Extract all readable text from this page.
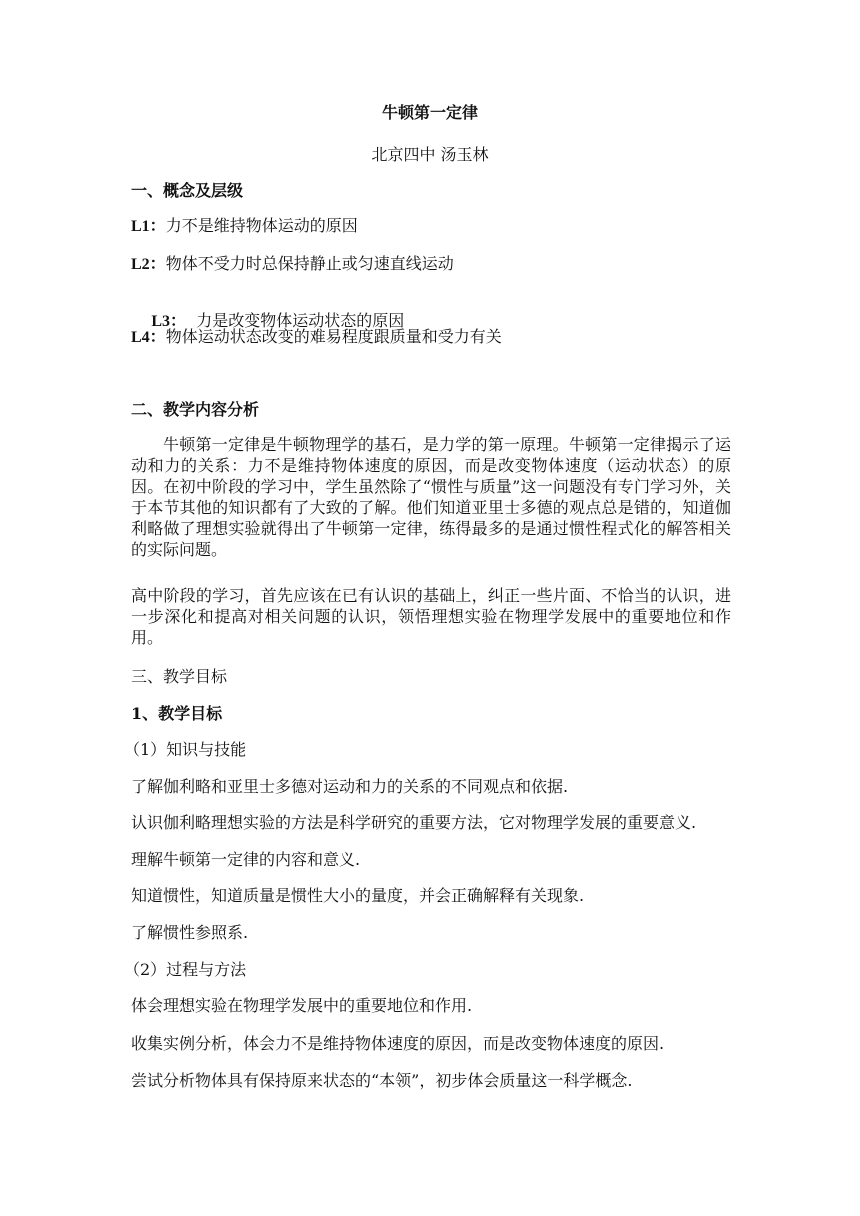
牛顿第一定律
北京四中 汤玉林
一、概念及层级
L1：力不是维持物体运动的原因
L2：物体不受力时总保持静止或匀速直线运动

L3：  力是改变物体运动状态的原因

L4：物体运动状态改变的难易程度跟质量和受力有关
二、教学内容分析
牛顿第一定律是牛顿物理学的基石，是力学的第一原理。牛顿第一定律揭示了运动和力的关系：力不是维持物体速度的原因，而是改变物体速度（运动状态）的原因。在初中阶段的学习中，学生虽然除了“惯性与质量”这一问题没有专门学习外，关于本节其他的知识都有了大致的了解。他们知道亚里士多德的观点总是错的，知道伽利略做了理想实验就得出了牛顿第一定律，练得最多的是通过惯性程式化的解答相关的实际问题。
高中阶段的学习，首先应该在已有认识的基础上，纠正一些片面、不恰当的认识，进一步深化和提高对相关问题的认识，领悟理想实验在物理学发展中的重要地位和作用。
三、教学目标
1、教学目标
（1）知识与技能
了解伽利略和亚里士多德对运动和力的关系的不同观点和依据.
认识伽利略理想实验的方法是科学研究的重要方法，它对物理学发展的重要意义.
理解牛顿第一定律的内容和意义.
知道惯性，知道质量是惯性大小的量度，并会正确解释有关现象.
了解惯性参照系.
（2）过程与方法
体会理想实验在物理学发展中的重要地位和作用.
收集实例分析，体会力不是维持物体速度的原因，而是改变物体速度的原因.
尝试分析物体具有保持原来状态的“本领”，初步体会质量这一科学概念.
